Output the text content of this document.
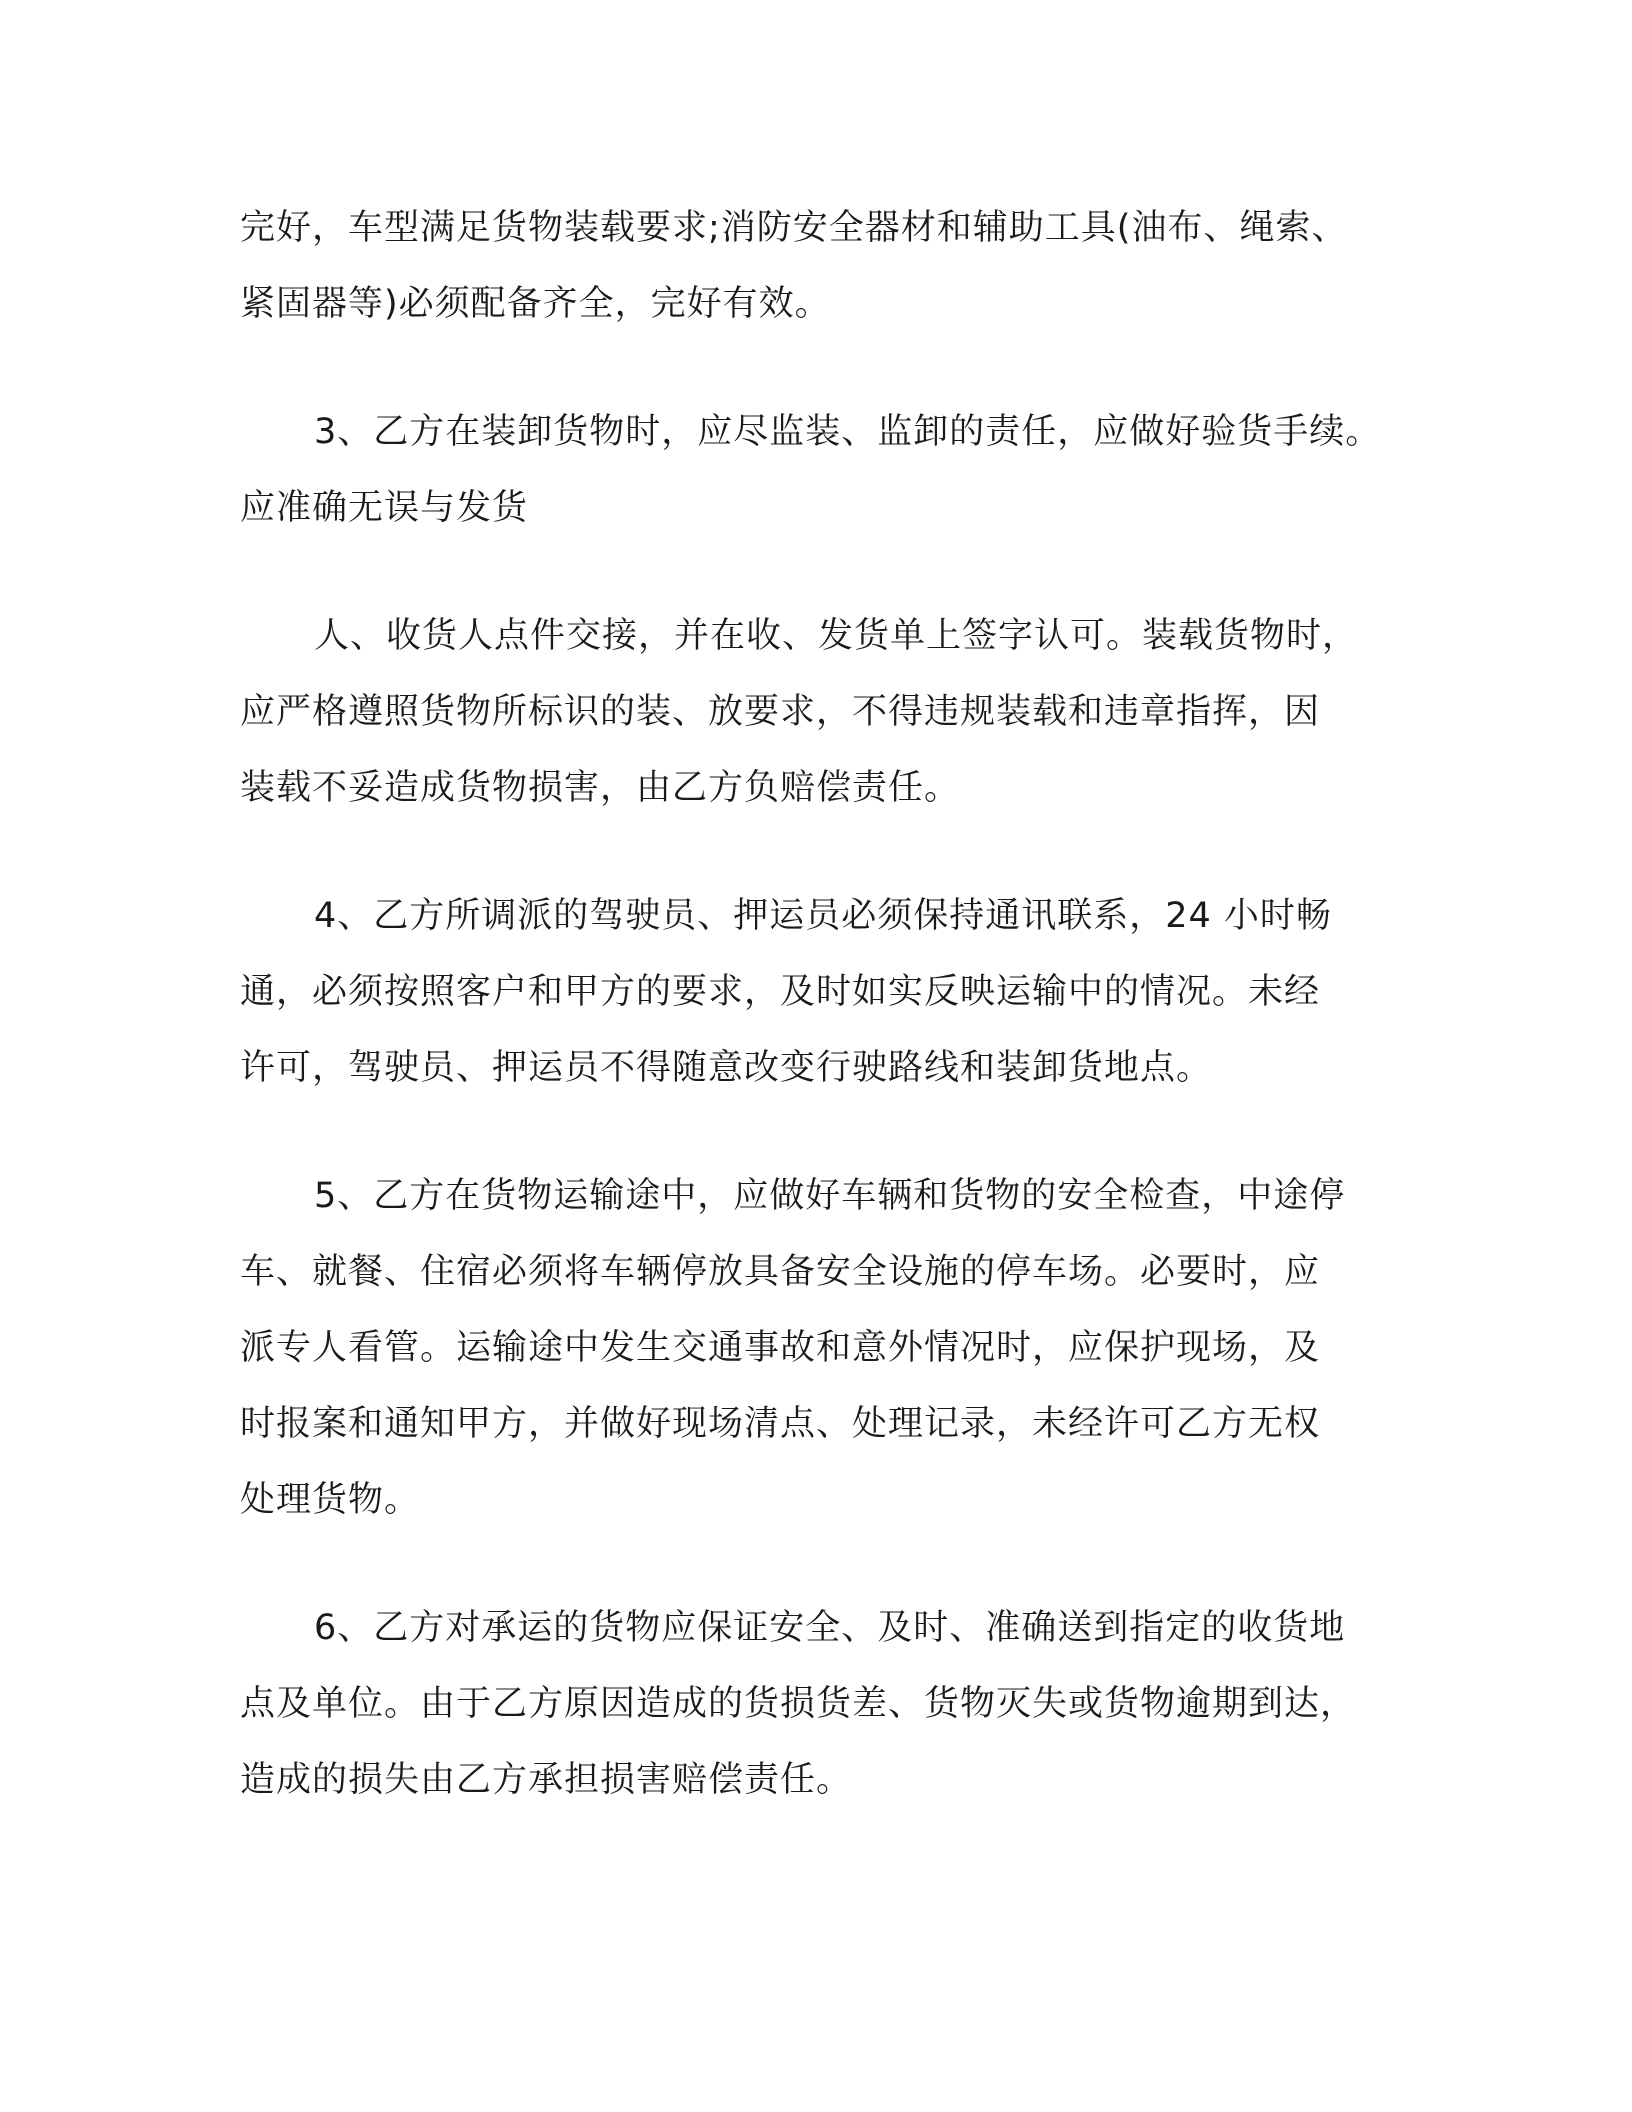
完好，车型满足货物装载要求;消防安全器材和辅助工具(油布、绳索、
紧固器等)必须配备齐全，完好有效。
3、乙方在装卸货物时，应尽监装、监卸的责任，应做好验货手续。
应准确无误与发货
人、收货人点件交接，并在收、发货单上签字认可。装载货物时，
应严格遵照货物所标识的装、放要求，不得违规装载和违章指挥，因
装载不妥造成货物损害，由乙方负赔偿责任。
4、乙方所调派的驾驶员、押运员必须保持通讯联系，24 小时畅
通，必须按照客户和甲方的要求，及时如实反映运输中的情况。未经
许可，驾驶员、押运员不得随意改变行驶路线和装卸货地点。
5、乙方在货物运输途中，应做好车辆和货物的安全检查，中途停
车、就餐、住宿必须将车辆停放具备安全设施的停车场。必要时，应
派专人看管。运输途中发生交通事故和意外情况时，应保护现场，及
时报案和通知甲方，并做好现场清点、处理记录，未经许可乙方无权
处理货物。
6、乙方对承运的货物应保证安全、及时、准确送到指定的收货地
点及单位。由于乙方原因造成的货损货差、货物灭失或货物逾期到达，
造成的损失由乙方承担损害赔偿责任。
